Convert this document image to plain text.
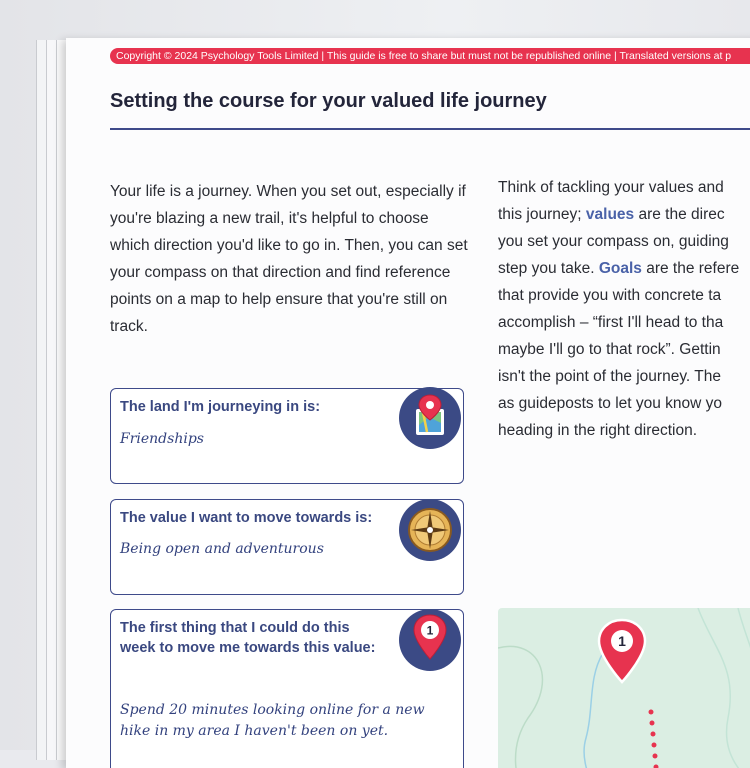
Copyright © 2024 Psychology Tools Limited | This guide is free to share but must not be republished online | Translated versions at p
Setting the course for your valued life journey
Your life is a journey. When you set out, especially if you're blazing a new trail, it's helpful to choose which direction you'd like to go in. Then, you can set your compass on that direction and find reference points on a map to help ensure that you're still on track.
Think of tackling your values and
this journey; values are the direc
you set your compass on, guiding
step you take. Goals are the refere
that provide you with concrete ta
accomplish – “first I'll head to tha
maybe I'll go to that rock”. Gettin
isn't the point of the journey. The
as guideposts to let you know yo
heading in the right direction.
The land I'm journeying in is:
Friendships
The value I want to move towards is:
Being open and adventurous
The first thing that I could do this
week to move me towards this value:
Spend 20 minutes looking online for a new
hike in my area I haven't been on yet.
1
1
